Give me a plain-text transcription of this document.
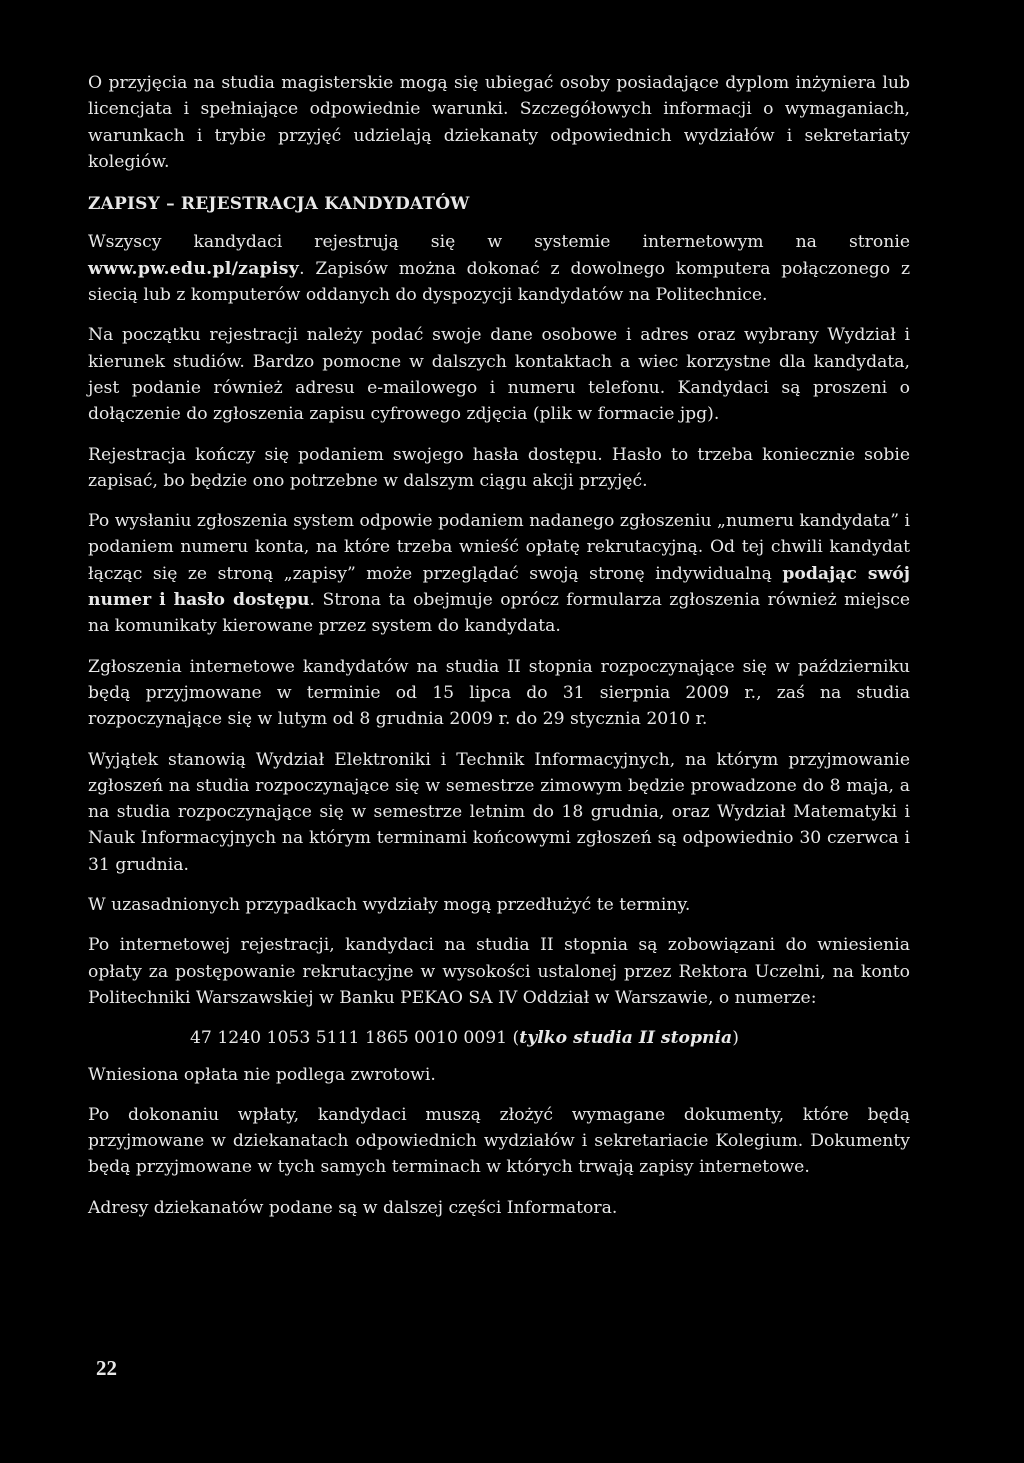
O przyjęcia na studia magisterskie mogą się ubiegać osoby posiadające dyplom inżyniera lub licencjata i spełniające odpowiednie warunki. Szczegółowych informacji o wymaganiach, warunkach i trybie przyjęć udzielają dziekanaty odpowiednich wydziałów i sekretariaty kolegiów.

ZAPISY – REJESTRACJA KANDYDATÓW

Wszyscy kandydaci rejestrują się w systemie internetowym na stronie www.pw.edu.pl/zapisy. Zapisów można dokonać z dowolnego komputera połączonego z siecią lub z komputerów oddanych do dyspozycji kandydatów na Politechnice.

Na początku rejestracji należy podać swoje dane osobowe i adres oraz wybrany Wydział i kierunek studiów. Bardzo pomocne w dalszych kontaktach a wiec korzystne dla kandydata, jest podanie również adresu e-mailowego i numeru telefonu. Kandydaci są proszeni o dołączenie do zgłoszenia zapisu cyfrowego zdjęcia (plik w formacie jpg).

Rejestracja kończy się podaniem swojego hasła dostępu. Hasło to trzeba koniecznie sobie zapisać, bo będzie ono potrzebne w dalszym ciągu akcji przyjęć.

Po wysłaniu zgłoszenia system odpowie podaniem nadanego zgłoszeniu „numeru kandydata” i podaniem numeru konta, na które trzeba wnieść opłatę rekrutacyjną. Od tej chwili kandydat łącząc się ze stroną „zapisy” może przeglądać swoją stronę indywidualną podając swój numer i hasło dostępu. Strona ta obejmuje oprócz formularza zgłoszenia również miejsce na komunikaty kierowane przez system do kandydata.

Zgłoszenia internetowe kandydatów na studia II stopnia rozpoczynające się w październiku będą przyjmowane w terminie od 15 lipca do 31 sierpnia 2009 r., zaś na studia rozpoczynające się w lutym od 8 grudnia 2009 r. do 29 stycznia 2010 r.

Wyjątek stanowią Wydział Elektroniki i Technik Informacyjnych, na którym przyjmowanie zgłoszeń na studia rozpoczynające się w semestrze zimowym będzie prowadzone do 8 maja, a na studia rozpoczynające się w semestrze letnim do 18 grudnia, oraz Wydział Matematyki i Nauk Informacyjnych na którym terminami końcowymi zgłoszeń są odpowiednio 30 czerwca i 31 grudnia.

W uzasadnionych przypadkach wydziały mogą przedłużyć te terminy.

Po internetowej rejestracji, kandydaci na studia II stopnia są zobowiązani do wniesienia opłaty za postępowanie rekrutacyjne w wysokości ustalonej przez Rektora Uczelni, na konto Politechniki Warszawskiej w Banku PEKAO SA IV Oddział w Warszawie, o numerze:

47 1240 1053 5111 1865 0010 0091 (tylko studia II stopnia)

Wniesiona opłata nie podlega zwrotowi.

Po dokonaniu wpłaty, kandydaci muszą złożyć wymagane dokumenty, które będą przyjmowane w dziekanatach odpowiednich wydziałów i sekretariacie Kolegium. Dokumenty będą przyjmowane w tych samych terminach w których trwają zapisy internetowe.

Adresy dziekanatów podane są w dalszej części Informatora.

22
